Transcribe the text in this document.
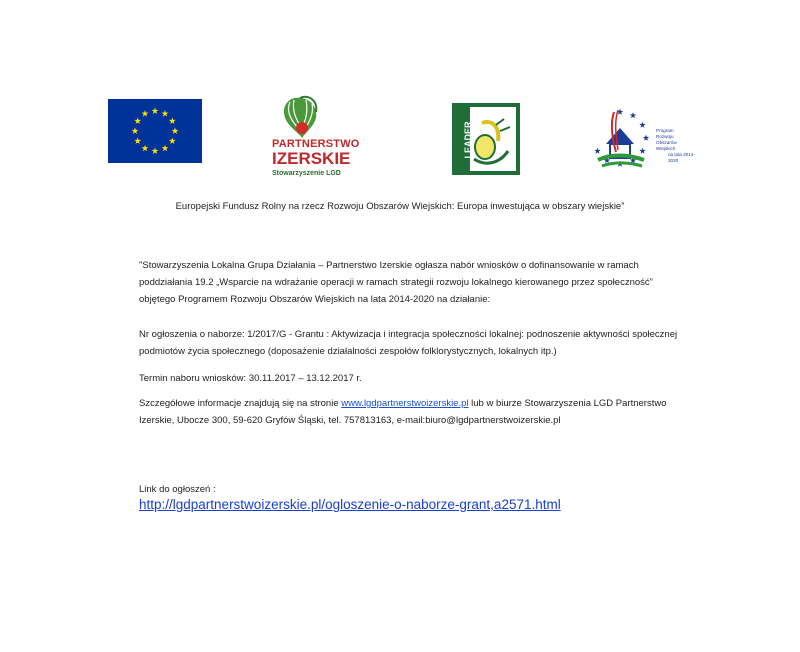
PARTNERSTWO
IZERSKIE
Stowarzyszenie LGD
LEADER	Program
Rozwoju
Obszarów
Wiejskich
na lata 2014-2020
Europejski Fundusz Rolny na rzecz Rozwoju Obszarów Wiejskich: Europa inwestująca w obszary wiejskie”
"Stowarzyszenia Lokalna Grupa Działania – Partnerstwo Izerskie ogłasza nabór wniosków o dofinansowanie w ramach
poddziałania 19.2 „Wsparcie na wdrażanie operacji w ramach strategii rozwoju lokalnego kierowanego przez społeczność”
objętego Programem Rozwoju Obszarów Wiejskich na lata 2014-2020 na działanie:
Nr ogłoszenia o naborze: 1/2017/G - Grantu : Aktywizacja i integracja społeczności lokalnej: podnoszenie aktywności społecznej
podmiotów życia społecznego (doposażenie działalności zespołów folklorystycznych, lokalnych itp.)
Termin naboru wniosków: 30.11.2017 – 13.12.2017 r.
Szczegółowe informacje znajdują się na stronie www.lgdpartnerstwoizerskie.pl lub w biurze Stowarzyszenia LGD Partnerstwo
Izerskie, Ubocze 300, 59-620 Gryfów Śląski, tel. 757813163, e-mail:biuro@lgdpartnerstwoizerskie.pl
Link do ogłoszeń :
http://lgdpartnerstwoizerskie.pl/ogloszenie-o-naborze-grant,a2571.html
